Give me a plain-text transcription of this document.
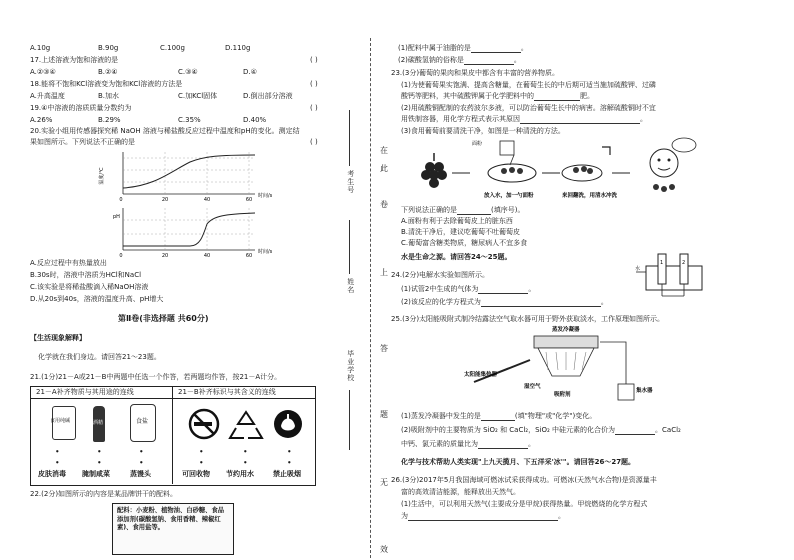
A.10g	B.90g	C.100g	D.110g
17.上述溶液为饱和溶液的是	( )
A.②③④	B.②④	C.③④	D.④
18.能将不饱和KCl溶液变为饱和KCl溶液的方法是	( )
A.升高温度	B.加水	C.加KCl固体	D.倒出部分溶液
19.④中溶液的溶质质量分数约为	( )
A.26%	B.29%	C.35%	D.40%
20.实验小组用传感器探究稀 NaOH 溶液与稀盐酸反应过程中温度和pH的变化。测定结
果如图所示。下列说法不正确的是	( )
温度/℃
0	20	40	60
时间/s
pH
0	20	40	60
时间/s
A.反应过程中有热量放出
B.30s时，溶液中溶质为HCl和NaCl
C.该实验是将稀盐酸滴入稀NaOH溶液
D.从20s到40s，溶液的温度升高、pH增大
第Ⅱ卷(非选择题 共60分)
【生活现象解释】
化学就在我们身边。请回答21～23题。
21.(1分)21－A或21－B中两题中任选一个作答，若两题均作答，按21－A计分。
21－A补齐物质与其用途的连线	21－B补齐标识与其含义的连线
食用纯碱	酒精	食盐
●	●	●
●	●	●
皮肤消毒 腌制咸菜	蒸馒头
●	●	●
●	●	●
可回收物 节约用水	禁止吸烟
22.(2分)如图所示的内容是某品牌饼干的配料。
配料：小麦粉、植物油、白砂糖、食品添加剂(碳酸氢钠、食用香精、辣椒红素)、食用盐等。
在
此
卷
上
答
题
无
效
考生号
姓名
毕业学校
(1)配料中属于油脂的是	。
(2)碳酸氢钠的俗称是	。
23.(3分)葡萄的果肉和果皮中都含有丰富的营养物质。
(1)为使葡萄果实饱满、提高含糖量，在葡萄生长的中后期可适当施加硫酸钾、过磷
酸钙等肥料，其中硫酸钾属于化学肥料中的	肥。
(2)用硫酸铜配制的农药波尔多液，可以防治葡萄生长中的病害。溶解硫酸铜时不宜
用铁制容器，用化学方程式表示其原因	。
(3)食用葡萄前要清洗干净，如图是一种清洗的方法。
面粉
放入水，加一勺面粉	来回翻洗，用清水冲洗
下列说法正确的是	(填序号)。
A.面粉有利于去除葡萄皮上的脏东西
B.清洗干净后，建议吃葡萄不吐葡萄皮
C.葡萄富含糖类物质，糖尿病人不宜多食
水是生命之源。请回答24～25题。
24.(2分)电解水实验如图所示。
(1)试管2中生成的气体为	。
(2)该反应的化学方程式为	。
水
1	2
25.(3分)太阳能吸附式制冷结露法空气取水器可用于野外获取淡水，工作原理如图所示。
蒸发冷凝器
太阳能集热器
吸附剂
湿空气
集水器
(1)蒸发冷凝器中发生的是	(填"物理"或"化学")变化。
(2)吸附剂中的主要物质为 SiO₂ 和 CaCl₂，SiO₂ 中硅元素的化合价为	。CaCl₂
中钙、氯元素的质量比为	。
化学与技术帮助人类实现"上九天揽月、下五洋采'冰'"。请回答26～27题。
26.(3分)2017年5月我国海域可燃冰试采获得成功。可燃冰(天然气水合物)是资源量丰
富的高效清洁能源，能释放出天然气。
(1)生活中，可以利用天然气(主要成分是甲烷)获得热量。甲烷燃烧的化学方程式
为	。
